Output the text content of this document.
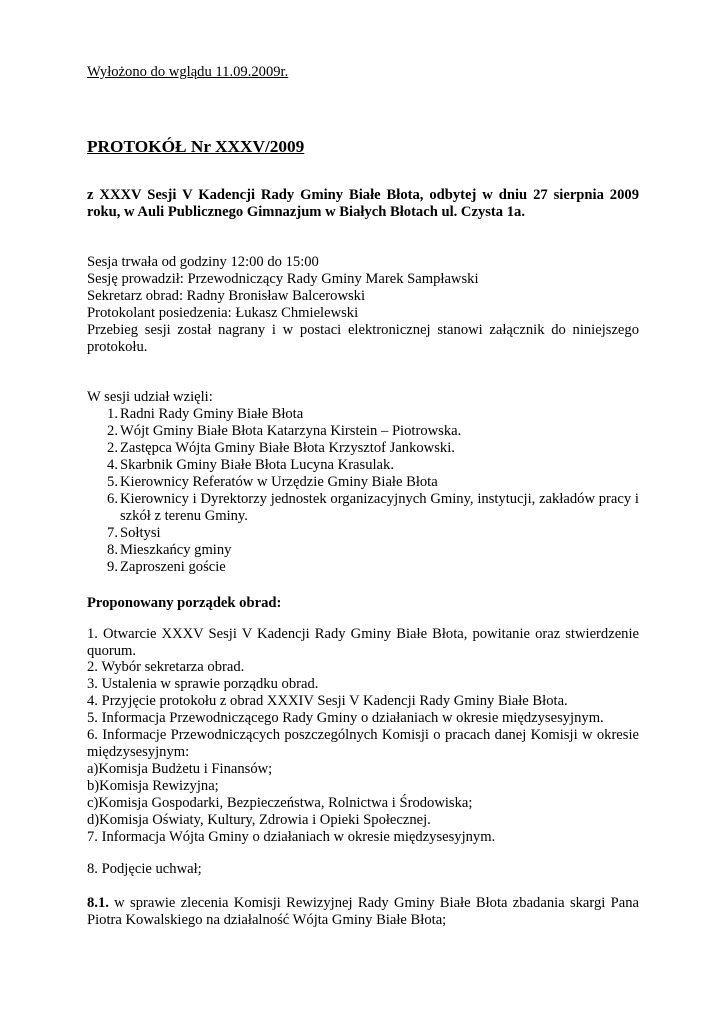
Wyłożono do wglądu 11.09.2009r.
PROTOKÓŁ Nr XXXV/2009
z XXXV Sesji V Kadencji Rady Gminy Białe Błota, odbytej w dniu 27 sierpnia 2009 roku, w Auli Publicznego Gimnazjum w Białych Błotach ul. Czysta 1a.
Sesja trwała od godziny 12:00 do 15:00
Sesję prowadził: Przewodniczący Rady Gminy Marek Sampławski
Sekretarz obrad: Radny Bronisław Balcerowski
Protokolant posiedzenia: Łukasz Chmielewski
Przebieg sesji został nagrany i w postaci elektronicznej stanowi załącznik do niniejszego protokołu.
W sesji udział wzięli:
1. Radni Rady Gminy Białe Błota
2. Wójt Gminy Białe Błota Katarzyna Kirstein – Piotrowska.
2. Zastępca Wójta Gminy Białe Błota Krzysztof Jankowski.
4. Skarbnik Gminy Białe Błota Lucyna Krasulak.
5. Kierownicy Referatów w Urzędzie Gminy Białe Błota
6. Kierownicy i Dyrektorzy jednostek organizacyjnych Gminy, instytucji, zakładów pracy i szkół z terenu Gminy.
7. Sołtysi
8. Mieszkańcy gminy
9. Zaproszeni goście
Proponowany porządek obrad:
1. Otwarcie XXXV Sesji V Kadencji Rady Gminy Białe Błota, powitanie oraz stwierdzenie quorum.
2. Wybór sekretarza obrad.
3. Ustalenia w sprawie porządku obrad.
4. Przyjęcie protokołu z obrad XXXIV Sesji V Kadencji Rady Gminy Białe Błota.
5. Informacja Przewodniczącego Rady Gminy o działaniach w okresie międzysesyjnym.
6. Informacje Przewodniczących poszczególnych Komisji o pracach danej Komisji w okresie międzysesyjnym:
a)Komisja Budżetu i Finansów;
b)Komisja Rewizyjna;
c)Komisja Gospodarki, Bezpieczeństwa, Rolnictwa i Środowiska;
d)Komisja Oświaty, Kultury, Zdrowia i Opieki Społecznej.
7. Informacja Wójta Gminy o działaniach w okresie międzysesyjnym.
8. Podjęcie uchwał;
8.1. w sprawie zlecenia Komisji Rewizyjnej Rady Gminy Białe Błota zbadania skargi Pana Piotra Kowalskiego na działalność Wójta Gminy Białe Błota;
